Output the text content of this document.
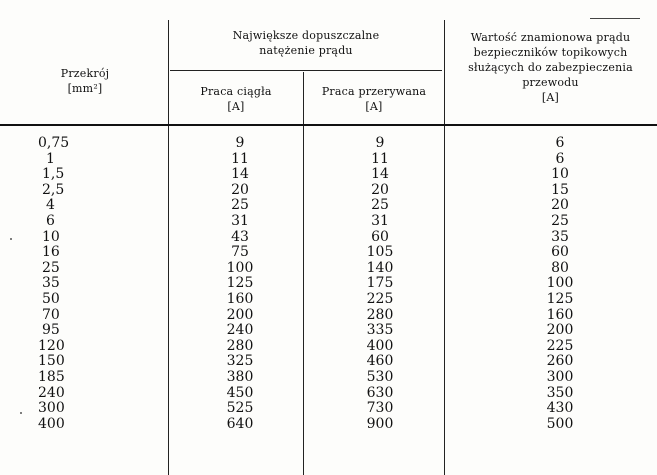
Przekrój
[mm²]
Największe dopuszczalne
natężenie prądu
Praca ciągła
[A]
Praca przerywana
[A]
Wartość znamionowa prądu
bezpieczników topikowych
służących do zabezpieczenia
przewodu
[A]
0,75
1
1,5
2,5
4
6
10
16
25
35
50
70
95
120
150
185
240
300
400
9
11
14
20
25
31
43
75
100
125
160
200
240
280
325
380
450
525
640
9
11
14
20
25
31
60
105
140
175
225
280
335
400
460
530
630
730
900
6
6
10
15
20
25
35
60
80
100
125
160
200
225
260
300
350
430
500
